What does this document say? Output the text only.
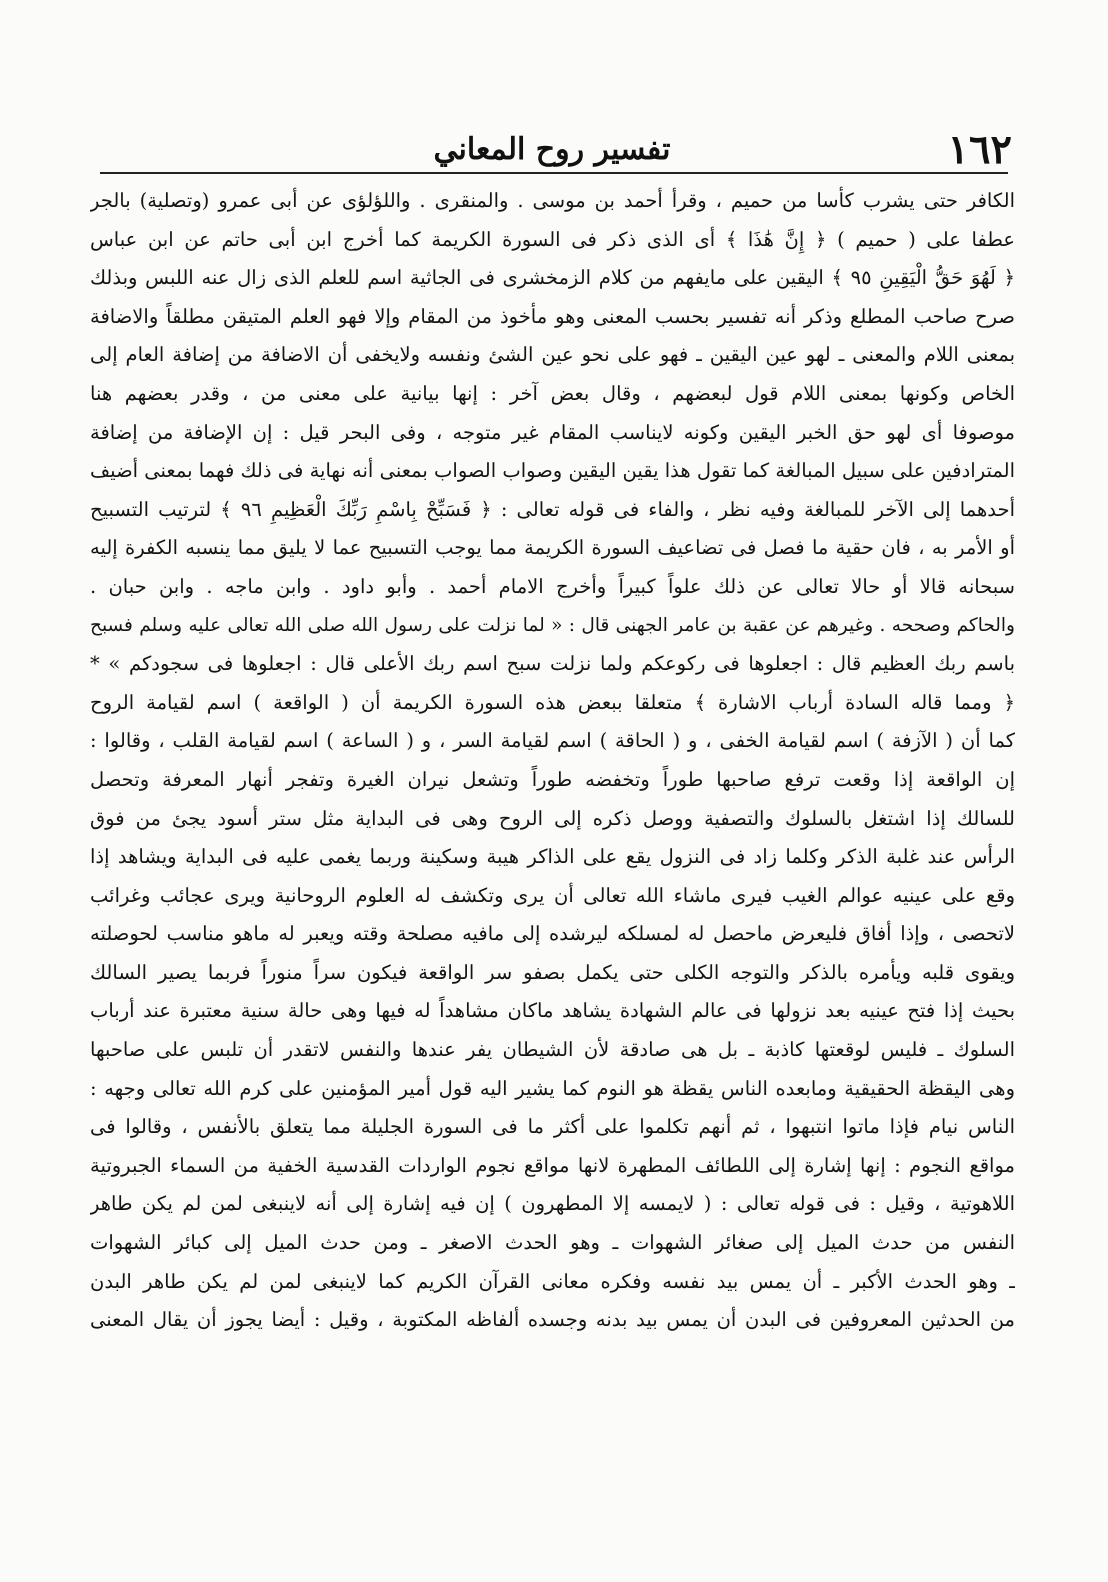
١٦٢
تفسير روح المعاني
الكافر حتى يشرب كأسا من حميم ، وقرأ أحمد بن موسى . والمنقرى . واللؤلؤى عن أبى عمرو (وتصلية) بالجر
عطفا على ( حميم ) ﴿ إِنَّ هَٰذَا ﴾ أى الذى ذكر فى السورة الكريمة كما أخرج ابن أبى حاتم عن ابن عباس
﴿ لَهُوَ حَقُّ الْيَقِينِ ٩٥ ﴾ اليقين على مايفهم من كلام الزمخشرى فى الجاثية اسم للعلم الذى زال عنه اللبس وبذلك
صرح صاحب المطلع وذكر أنه تفسير بحسب المعنى وهو مأخوذ من المقام وإلا فهو العلم المتيقن مطلقاً والاضافة
بمعنى اللام والمعنى ـ لهو عين اليقين ـ فهو على نحو عين الشئ ونفسه ولايخفى أن الاضافة من إضافة العام إلى
الخاص وكونها بمعنى اللام قول لبعضهم ، وقال بعض آخر : إنها بيانية على معنى من ، وقدر بعضهم هنا
موصوفا أى لهو حق الخبر اليقين وكونه لايناسب المقام غير متوجه ، وفى البحر قيل : إن الإضافة من إضافة
المترادفين على سبيل المبالغة كما تقول هذا يقين اليقين وصواب الصواب بمعنى أنه نهاية فى ذلك فهما بمعنى أضيف
أحدهما إلى الآخر للمبالغة وفيه نظر ، والفاء فى قوله تعالى : ﴿ فَسَبِّحْ بِاسْمِ رَبِّكَ الْعَظِيمِ ٩٦ ﴾ لترتيب التسبيح
أو الأمر به ، فان حقية ما فصل فى تضاعيف السورة الكريمة مما يوجب التسبيح عما لا يليق مما ينسبه الكفرة إليه
سبحانه قالا أو حالا تعالى عن ذلك علواً كبيراً وأخرج الامام أحمد . وأبو داود . وابن ماجه . وابن حبان .
والحاكم وصححه . وغيرهم عن عقبة بن عامر الجهنى قال : « لما نزلت على رسول الله صلى الله تعالى عليه وسلم فسبح
باسم ربك العظيم قال : اجعلوها فى ركوعكم ولما نزلت سبح اسم ربك الأعلى قال : اجعلوها فى سجودكم » *
﴿ ومما قاله السادة أرباب الاشارة ﴾ متعلقا ببعض هذه السورة الكريمة أن ( الواقعة ) اسم لقيامة الروح
كما أن ( الآزفة ) اسم لقيامة الخفى ، و ( الحاقة ) اسم لقيامة السر ، و ( الساعة ) اسم لقيامة القلب ، وقالوا :
إن الواقعة إذا وقعت ترفع صاحبها طوراً وتخفضه طوراً وتشعل نيران الغيرة وتفجر أنهار المعرفة وتحصل
للسالك إذا اشتغل بالسلوك والتصفية ووصل ذكره إلى الروح وهى فى البداية مثل ستر أسود يجئ من فوق
الرأس عند غلبة الذكر وكلما زاد فى النزول يقع على الذاكر هيبة وسكينة وربما يغمى عليه فى البداية ويشاهد إذا
وقع على عينيه عوالم الغيب فيرى ماشاء الله تعالى أن يرى وتكشف له العلوم الروحانية ويرى عجائب وغرائب
لاتحصى ، وإذا أفاق فليعرض ماحصل له لمسلكه ليرشده إلى مافيه مصلحة وقته ويعبر له ماهو مناسب لحوصلته
ويقوى قلبه ويأمره بالذكر والتوجه الكلى حتى يكمل بصفو سر الواقعة فيكون سراً منوراً فربما يصير السالك
بحيث إذا فتح عينيه بعد نزولها فى عالم الشهادة يشاهد ماكان مشاهداً له فيها وهى حالة سنية معتبرة عند أرباب
السلوك ـ فليس لوقعتها كاذبة ـ بل هى صادقة لأن الشيطان يفر عندها والنفس لاتقدر أن تلبس على صاحبها
وهى اليقظة الحقيقية ومابعده الناس يقظة هو النوم كما يشير اليه قول أمير المؤمنين على كرم الله تعالى وجهه :
الناس نيام فإذا ماتوا انتبهوا ، ثم أنهم تكلموا على أكثر ما فى السورة الجليلة مما يتعلق بالأنفس ، وقالوا فى
مواقع النجوم : إنها إشارة إلى اللطائف المطهرة لانها مواقع نجوم الواردات القدسية الخفية من السماء الجبروتية
اللاهوتية ، وقيل : فى قوله تعالى : ( لايمسه إلا المطهرون ) إن فيه إشارة إلى أنه لاينبغى لمن لم يكن طاهر
النفس من حدث الميل إلى صغائر الشهوات ـ وهو الحدث الاصغر ـ ومن حدث الميل إلى كبائر الشهوات
ـ وهو الحدث الأكبر ـ أن يمس بيد نفسه وفكره معانى القرآن الكريم كما لاينبغى لمن لم يكن طاهر البدن
من الحدثين المعروفين فى البدن أن يمس بيد بدنه وجسده ألفاظه المكتوبة ، وقيل : أيضا يجوز أن يقال المعنى
